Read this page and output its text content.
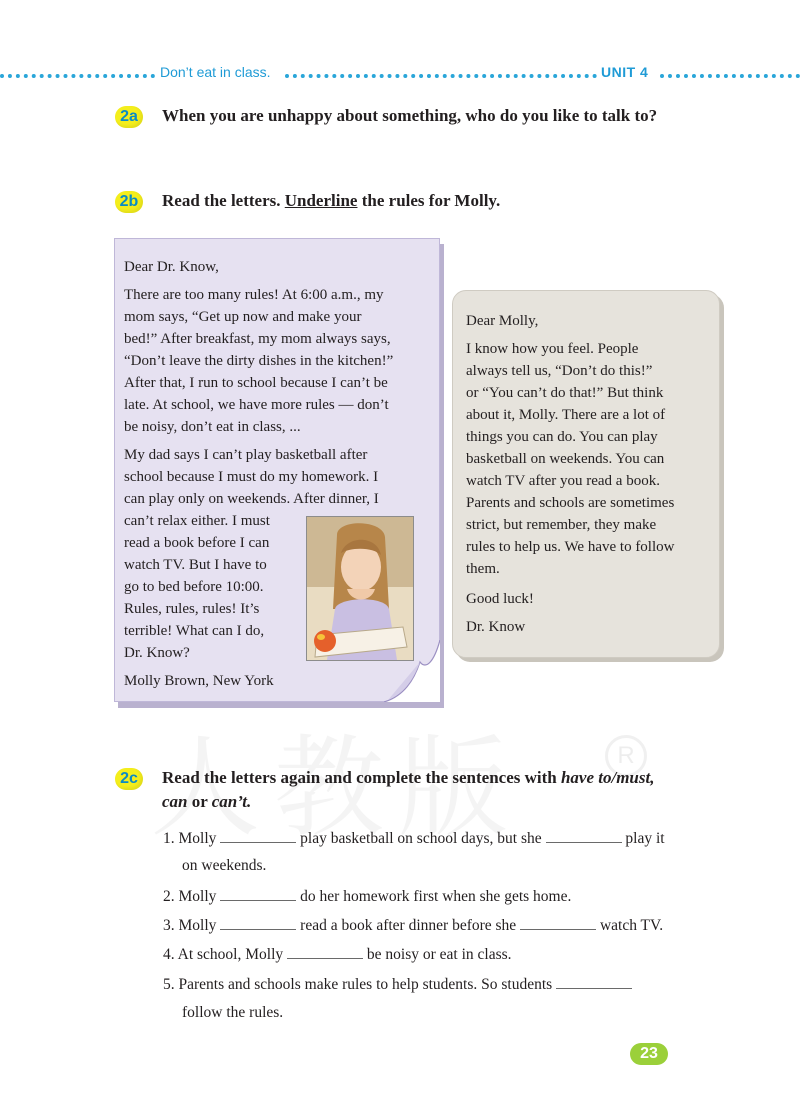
Don’t eat in class.	UNIT 4
2a	When you are unhappy about something, who do you like to talk to?
2b Read the letters. Underline the rules for Molly.
Dear Dr. Know,
There are too many rules! At 6:00 a.m., my
mom says, “Get up now and make your
bed!” After breakfast, my mom always says,
“Don’t leave the dirty dishes in the kitchen!”
After that, I run to school because I can’t be
late. At school, we have more rules — don’t
be noisy, don’t eat in class, ...
My dad says I can’t play basketball after
school because I must do my homework. I
can play only on weekends. After dinner, I
can’t relax either. I must
read a book before I can
watch TV. But I have to
go to bed before 10:00.
Rules, rules, rules! It’s
terrible! What can I do,
Dr. Know?
Molly Brown, New York
Dear Molly,
I know how you feel. People
always tell us, “Don’t do this!”
or “You can’t do that!” But think
about it, Molly. There are a lot of
things you can do. You can play
basketball on weekends. You can
watch TV after you read a book.
Parents and schools are sometimes
strict, but remember, they make
rules to help us. We have to follow
them.
Good luck!
Dr. Know
R
2c	Read the letters again and complete the sentences with have to/must,
can or can’t.
1. Molly	play basketball on school days, but she	play it
on weekends.
2. Molly	do her homework first when she gets home.
3. Molly	read a book after dinner before she	watch TV.
4. At school, Molly	be noisy or eat in class.
5. Parents and schools make rules to help students. So students
follow the rules.
23
